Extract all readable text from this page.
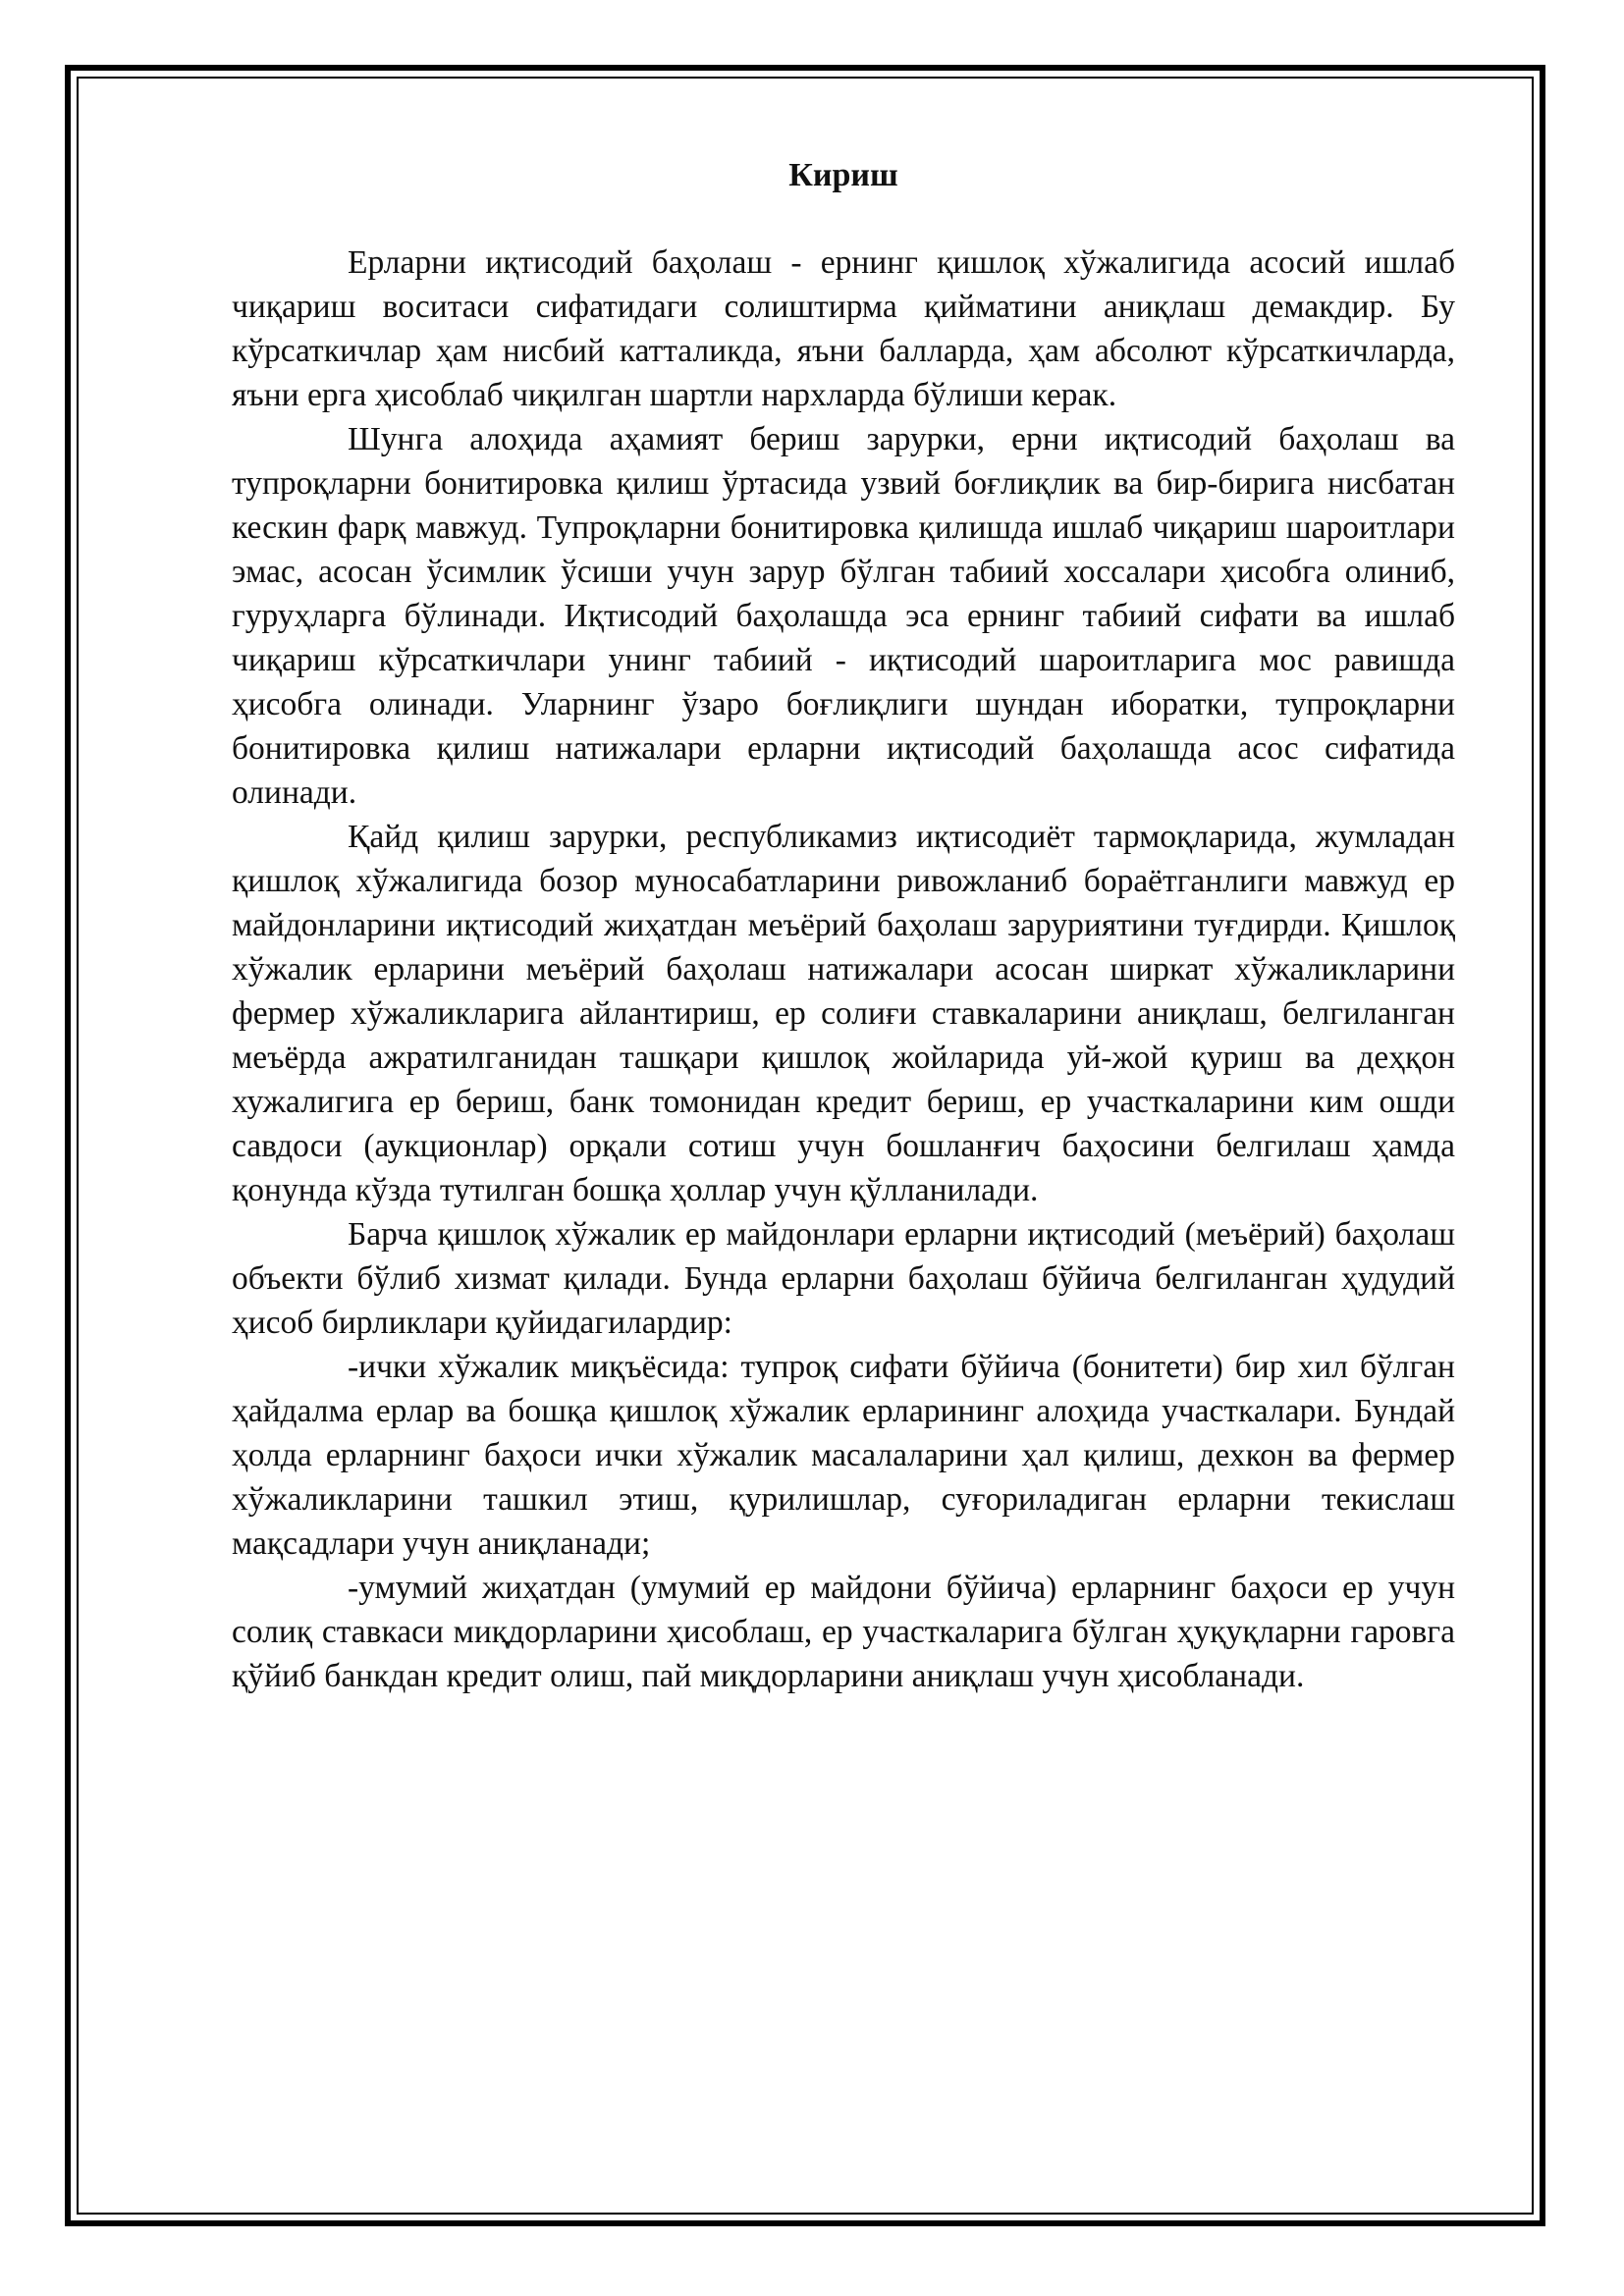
Кириш

Ерларни иқтисодий баҳолаш - ернинг қишлоқ хўжалигида асосий ишлаб чиқариш воситаси сифатидаги солиштирма қийматини аниқлаш демакдир. Бу кўрсаткичлар ҳам нисбий катталикда, яъни балларда, ҳам абсолют кўрсаткичларда, яъни ерга ҳисоблаб чиқилган шартли нархларда бўлиши керак.

Шунга алоҳида аҳамият бериш зарурки, ерни иқтисодий баҳолаш ва тупроқларни бонитировка қилиш ўртасида узвий боғлиқлик ва бир-бирига нисбатан кескин фарқ мавжуд. Тупроқларни бонитировка қилишда ишлаб чиқариш шароитлари эмас, асосан ўсимлик ўсиши учун зарур бўлган табиий хоссалари ҳисобга олиниб, гуруҳларга бўлинади. Иқтисодий баҳолашда эса ернинг табиий сифати ва ишлаб чиқариш кўрсаткичлари унинг табиий - иқтисодий шароитларига мос равишда ҳисобга олинади. Уларнинг ўзаро боғлиқлиги шундан иборатки, тупроқларни бонитировка қилиш натижалари ерларни иқтисодий баҳолашда асос сифатида олинади.

Қайд қилиш зарурки, республикамиз иқтисодиёт тармоқларида, жумладан қишлоқ хўжалигида бозор муносабатларини ривожланиб бораётганлиги мавжуд ер майдонларини иқтисодий жиҳатдан меъёрий баҳолаш заруриятини туғдирди. Қишлоқ хўжалик ерларини меъёрий баҳолаш натижалари асосан ширкат хўжаликларини фермер хўжаликларига айлантириш, ер солиғи ставкаларини аниқлаш, белгиланган меъёрда ажратилганидан ташқари қишлоқ жойларида уй-жой қуриш ва деҳқон хужалигига ер бериш, банк томонидан кредит бериш, ер участкаларини ким ошди савдоси (аукционлар) орқали сотиш учун бошланғич баҳосини белгилаш ҳамда қонунда кўзда тутилган бошқа ҳоллар учун қўлланилади.

Барча қишлоқ хўжалик ер майдонлари ерларни иқтисодий (меъёрий) баҳолаш объекти бўлиб хизмат қилади. Бунда ерларни баҳолаш бўйича белгиланган ҳудудий ҳисоб бирликлари қуйидагилардир:

-ички хўжалик миқъёсида: тупроқ сифати бўйича (бонитети) бир хил бўлган ҳайдалма ерлар ва бошқа қишлоқ хўжалик ерларининг алоҳида участкалари. Бундай ҳолда ерларнинг баҳоси ички хўжалик масалаларини ҳал қилиш, дехкон ва фермер хўжаликларини ташкил этиш, қурилишлар, суғориладиган ерларни текислаш мақсадлари учун аниқланади;

-умумий жиҳатдан (умумий ер майдони бўйича) ерларнинг баҳоси ер учун солиқ ставкаси миқдорларини ҳисоблаш, ер участкаларига бўлган ҳуқуқларни гаровга қўйиб банкдан кредит олиш, пай миқдорларини аниқлаш учун ҳисобланади.
